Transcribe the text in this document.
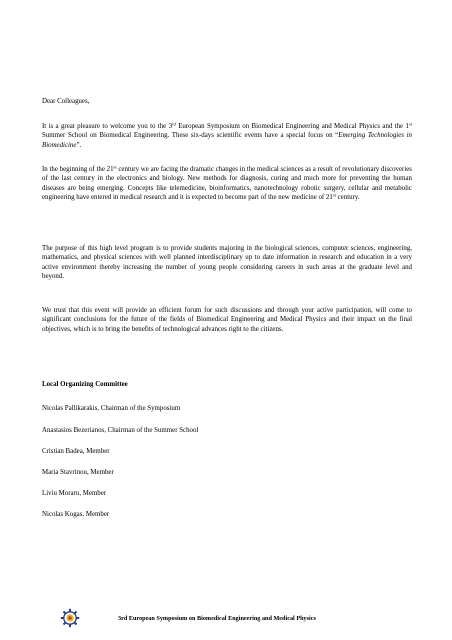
Dear Colleagues,

It is a great pleasure to welcome you to the 3rd European Symposium on Biomedical Engineering and Medical Physics and the 1st Summer School on Biomedical Engineering. These six-days scientific events have a special focus on “Emerging Technologies in Biomedicine”.

In the beginning of the 21st century we are facing the dramatic changes in the medical sciences as a result of revolutionary discoveries of the last century in the electronics and biology. New methods for diagnosis, curing and much more for preventing the human diseases are being emerging. Concepts like telemedicine, bioinformatics, nanotechnology robotic surgery, cellular and metabolic engineering have entered in medical research and it is expected to become part of the new medicine of 21st century.

The purpose of this high level program is to provide students majoring in the biological sciences, computer sciences, engineering, mathematics, and physical sciences with well planned interdisciplinary up to date information in research and education in a very active environment thereby increasing the number of young people considering careers in such areas at the graduate level and beyond.

We trust that this event will provide an efficient forum for such discussions and through your active participation, will come to significant conclusions for the future of the fields of Biomedical Engineering and Medical Physics and their impact on the final objectives, which is to bring the benefits of technological advances right to the citizens.

Local Organizing Committee

Nicolas Pallikarakis, Chairman of the Symposium

Anastasios Bezerianos, Chairman of the Summer School

Cristian Badea, Member

Maria Stavrinou, Member

Liviu Moraru, Member

Nicolas Kogas, Member

3rd European Symposium on Biomedical Engineering and Medical Physics
